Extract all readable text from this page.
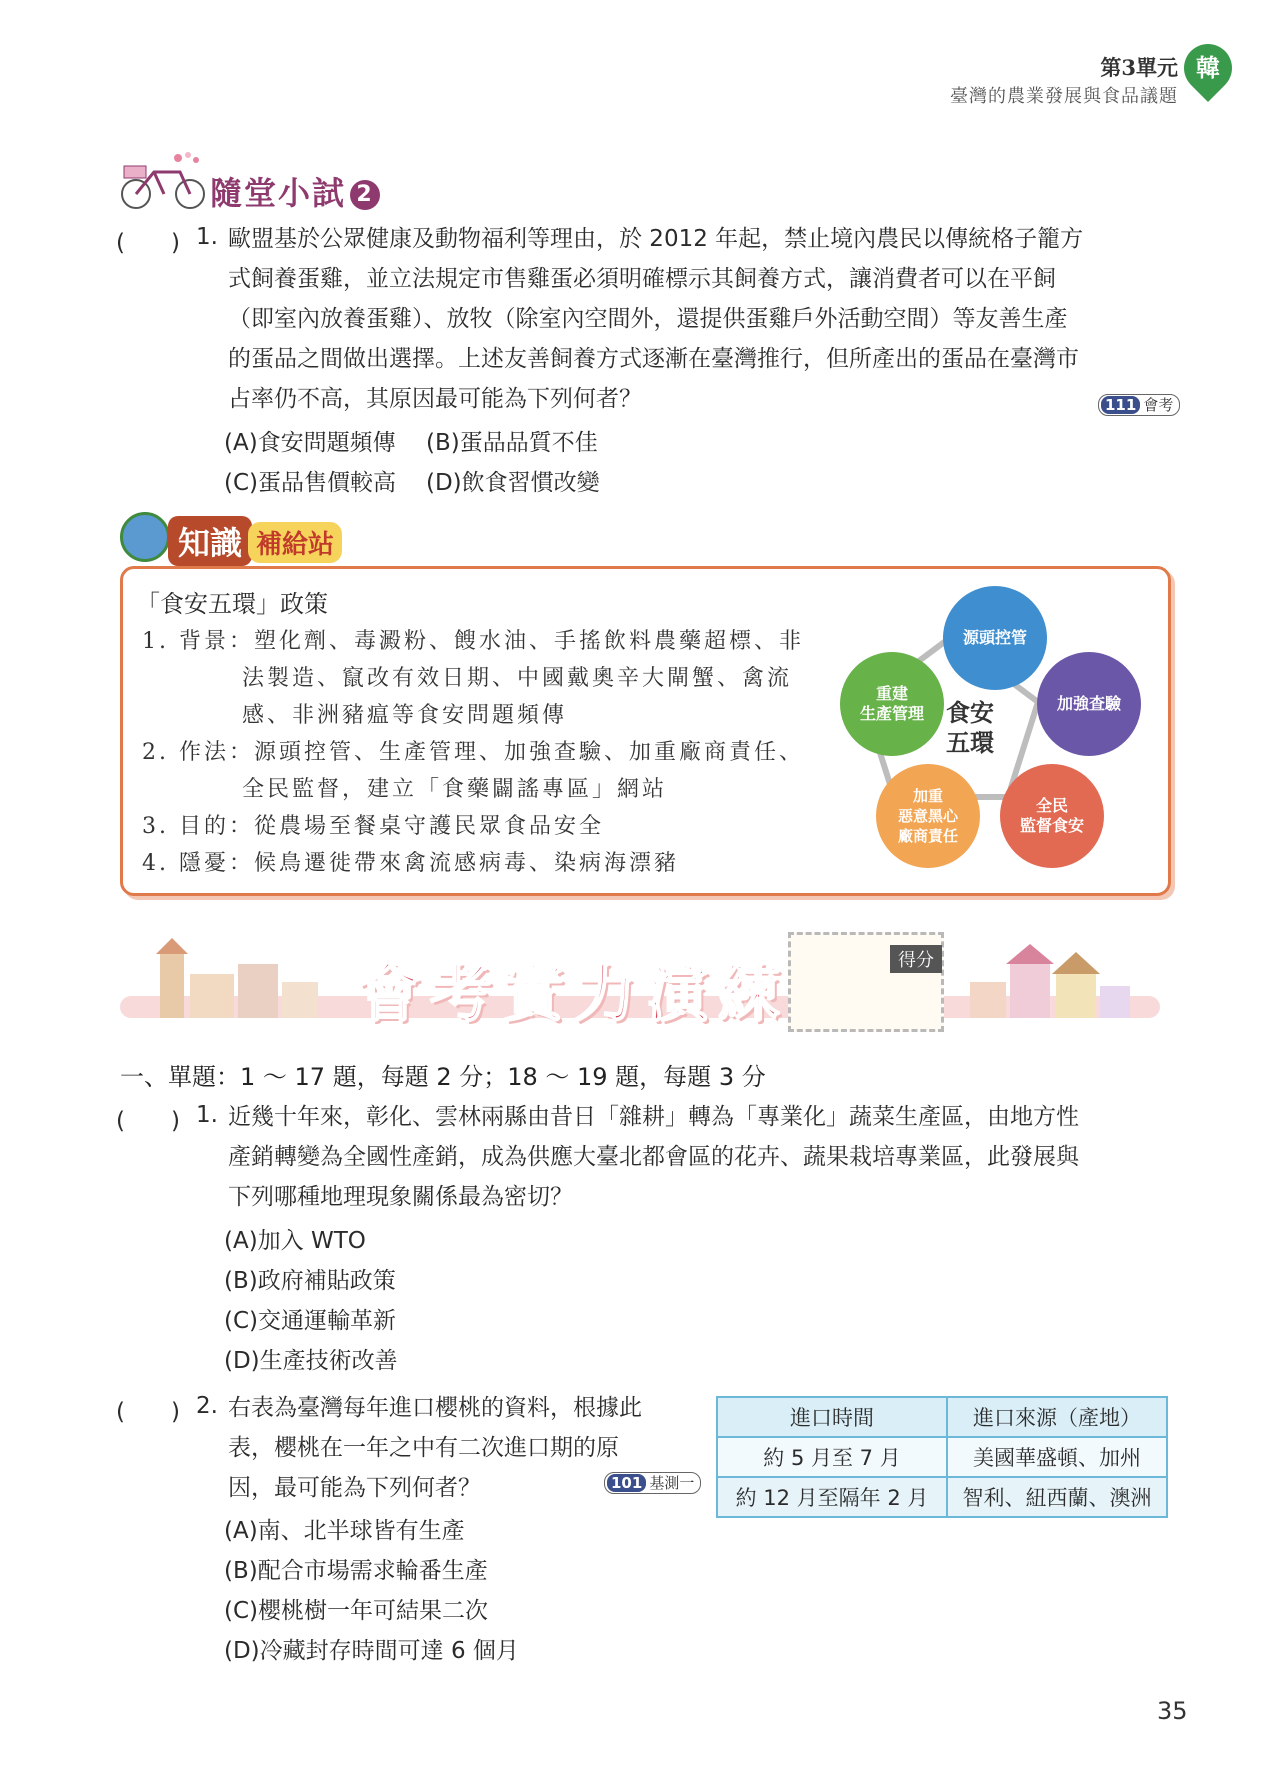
第3單元
臺灣的農業發展與食品議題
韓
隨堂小試 2
(　　) 1. 歐盟基於公眾健康及動物福利等理由，於 2012 年起，禁止境內農民以傳統格子籠方
式飼養蛋雞，並立法規定市售雞蛋必須明確標示其飼養方式，讓消費者可以在平飼
（即室內放養蛋雞）、放牧（除室內空間外，還提供蛋雞戶外活動空間）等友善生產
的蛋品之間做出選擇。上述友善飼養方式逐漸在臺灣推行，但所產出的蛋品在臺灣市
占率仍不高，其原因最可能為下列何者？	111 會考
(A)食安問題頻傳 (B)蛋品品質不佳
(C)蛋品售價較高 (D)飲食習慣改變
知識 補給站
「食安五環」政策
1. 背景：塑化劑、毒澱粉、餿水油、手搖飲料農藥超標、非
法製造、竄改有效日期、中國戴奧辛大閘蟹、禽流
感、非洲豬瘟等食安問題頻傳
2. 作法：源頭控管、生產管理、加強查驗、加重廠商責任、
全民監督，建立「食藥闢謠專區」網站
3. 目的：從農場至餐桌守護民眾食品安全
4. 隱憂：候鳥遷徙帶來禽流感病毒、染病海漂豬
源頭控管
加強查驗
全民
監督食安
加重
惡意黑心
廠商責任
重建
生產管理 食安
五環
得分
會考實力演練
一、單題：1 ～ 17 題，每題 2 分；18 ～ 19 題，每題 3 分
(　　) 1. 近幾十年來，彰化、雲林兩縣由昔日「雜耕」轉為「專業化」蔬菜生產區，由地方性
產銷轉變為全國性產銷，成為供應大臺北都會區的花卉、蔬果栽培專業區，此發展與
下列哪種地理現象關係最為密切？
(A)加入 WTO
(B)政府補貼政策
(C)交通運輸革新
(D)生產技術改善
(　　) 2. 右表為臺灣每年進口櫻桃的資料，根據此
表，櫻桃在一年之中有二次進口期的原
因，最可能為下列何者？	101 基測一
進口時間	進口來源（產地）
約 5 月至 7 月	美國華盛頓、加州
約 12 月至隔年 2 月	智利、紐西蘭、澳洲
(A)南、北半球皆有生產
(B)配合市場需求輪番生產
(C)櫻桃樹一年可結果二次
(D)冷藏封存時間可達 6 個月
35
